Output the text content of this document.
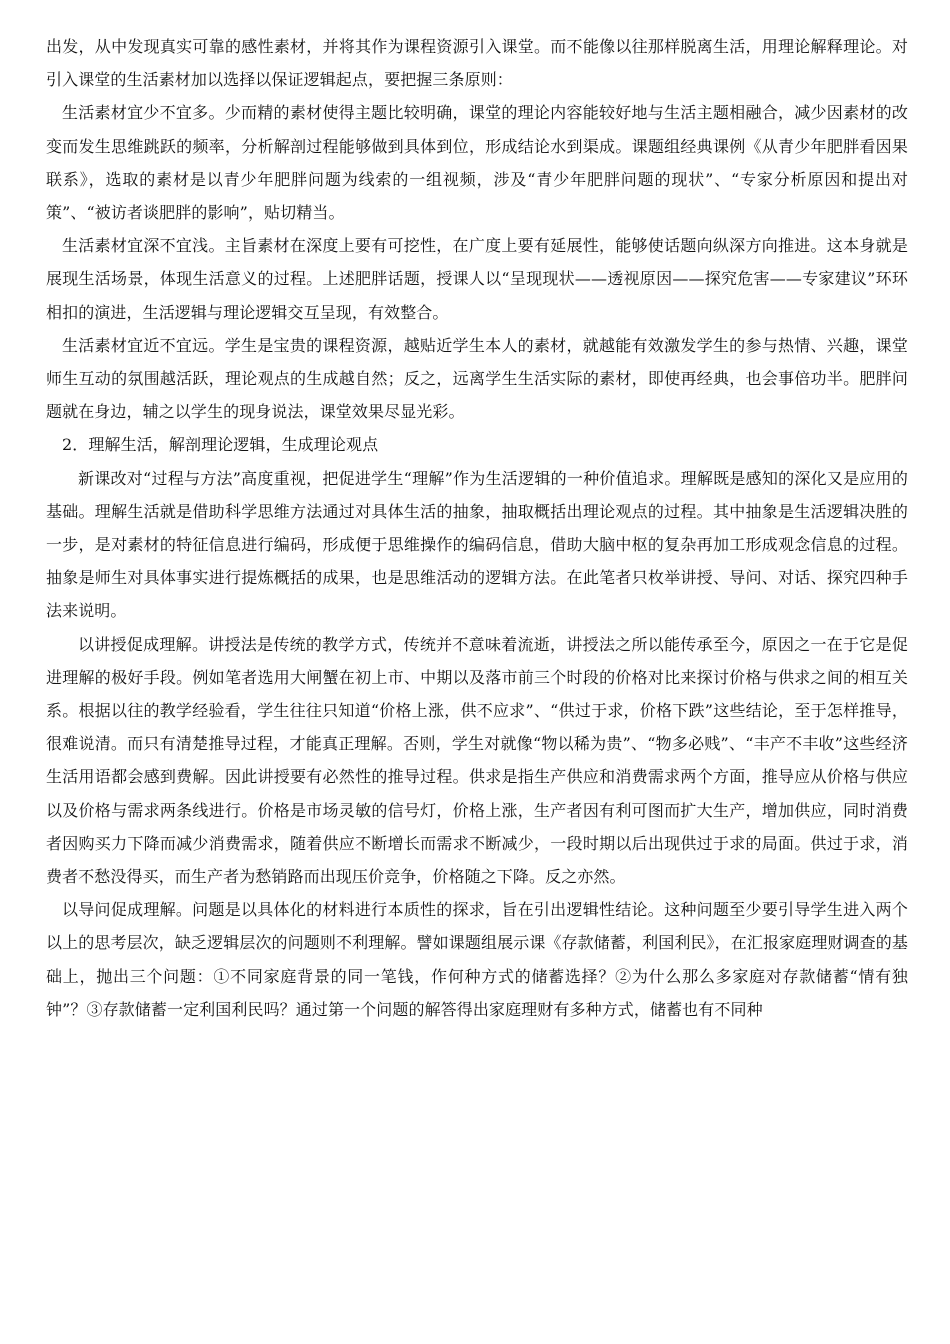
出发，从中发现真实可靠的感性素材，并将其作为课程资源引入课堂。而不能像以往那样脱离生活，用理论解释理论。对引入课堂的生活素材加以选择以保证逻辑起点，要把握三条原则：

生活素材宜少不宜多。少而精的素材使得主题比较明确，课堂的理论内容能较好地与生活主题相融合，减少因素材的改变而发生思维跳跃的频率，分析解剖过程能够做到具体到位，形成结论水到渠成。课题组经典课例《从青少年肥胖看因果联系》，选取的素材是以青少年肥胖问题为线索的一组视频，涉及“青少年肥胖问题的现状”、“专家分析原因和提出对策”、“被访者谈肥胖的影响”，贴切精当。

生活素材宜深不宜浅。主旨素材在深度上要有可挖性，在广度上要有延展性，能够使话题向纵深方向推进。这本身就是展现生活场景，体现生活意义的过程。上述肥胖话题，授课人以“呈现现状——透视原因——探究危害——专家建议”环环相扣的演进，生活逻辑与理论逻辑交互呈现，有效整合。

生活素材宜近不宜远。学生是宝贵的课程资源，越贴近学生本人的素材，就越能有效激发学生的参与热情、兴趣，课堂师生互动的氛围越活跃，理论观点的生成越自然；反之，远离学生生活实际的素材，即使再经典，也会事倍功半。肥胖问题就在身边，辅之以学生的现身说法，课堂效果尽显光彩。

2．理解生活，解剖理论逻辑，生成理论观点

新课改对“过程与方法”高度重视，把促进学生“理解”作为生活逻辑的一种价值追求。理解既是感知的深化又是应用的基础。理解生活就是借助科学思维方法通过对具体生活的抽象，抽取概括出理论观点的过程。其中抽象是生活逻辑决胜的一步，是对素材的特征信息进行编码，形成便于思维操作的编码信息，借助大脑中枢的复杂再加工形成观念信息的过程。抽象是师生对具体事实进行提炼概括的成果，也是思维活动的逻辑方法。在此笔者只枚举讲授、导问、对话、探究四种手法来说明。

以讲授促成理解。讲授法是传统的教学方式，传统并不意味着流逝，讲授法之所以能传承至今，原因之一在于它是促进理解的极好手段。例如笔者选用大闸蟹在初上市、中期以及落市前三个时段的价格对比来探讨价格与供求之间的相互关系。根据以往的教学经验看，学生往往只知道“价格上涨，供不应求”、“供过于求，价格下跌”这些结论，至于怎样推导，很难说清。而只有清楚推导过程，才能真正理解。否则，学生对就像“物以稀为贵”、“物多必贱”、“丰产不丰收”这些经济生活用语都会感到费解。因此讲授要有必然性的推导过程。供求是指生产供应和消费需求两个方面，推导应从价格与供应以及价格与需求两条线进行。价格是市场灵敏的信号灯，价格上涨，生产者因有利可图而扩大生产，增加供应，同时消费者因购买力下降而减少消费需求，随着供应不断增长而需求不断减少，一段时期以后出现供过于求的局面。供过于求，消费者不愁没得买，而生产者为愁销路而出现压价竞争，价格随之下降。反之亦然。

以导问促成理解。问题是以具体化的材料进行本质性的探求，旨在引出逻辑性结论。这种问题至少要引导学生进入两个以上的思考层次，缺乏逻辑层次的问题则不利理解。譬如课题组展示课《存款储蓄，利国利民》，在汇报家庭理财调查的基础上，抛出三个问题：①不同家庭背景的同一笔钱，作何种方式的储蓄选择？②为什么那么多家庭对存款储蓄“情有独钟”？③存款储蓄一定利国利民吗？通过第一个问题的解答得出家庭理财有多种方式，储蓄也有不同种
